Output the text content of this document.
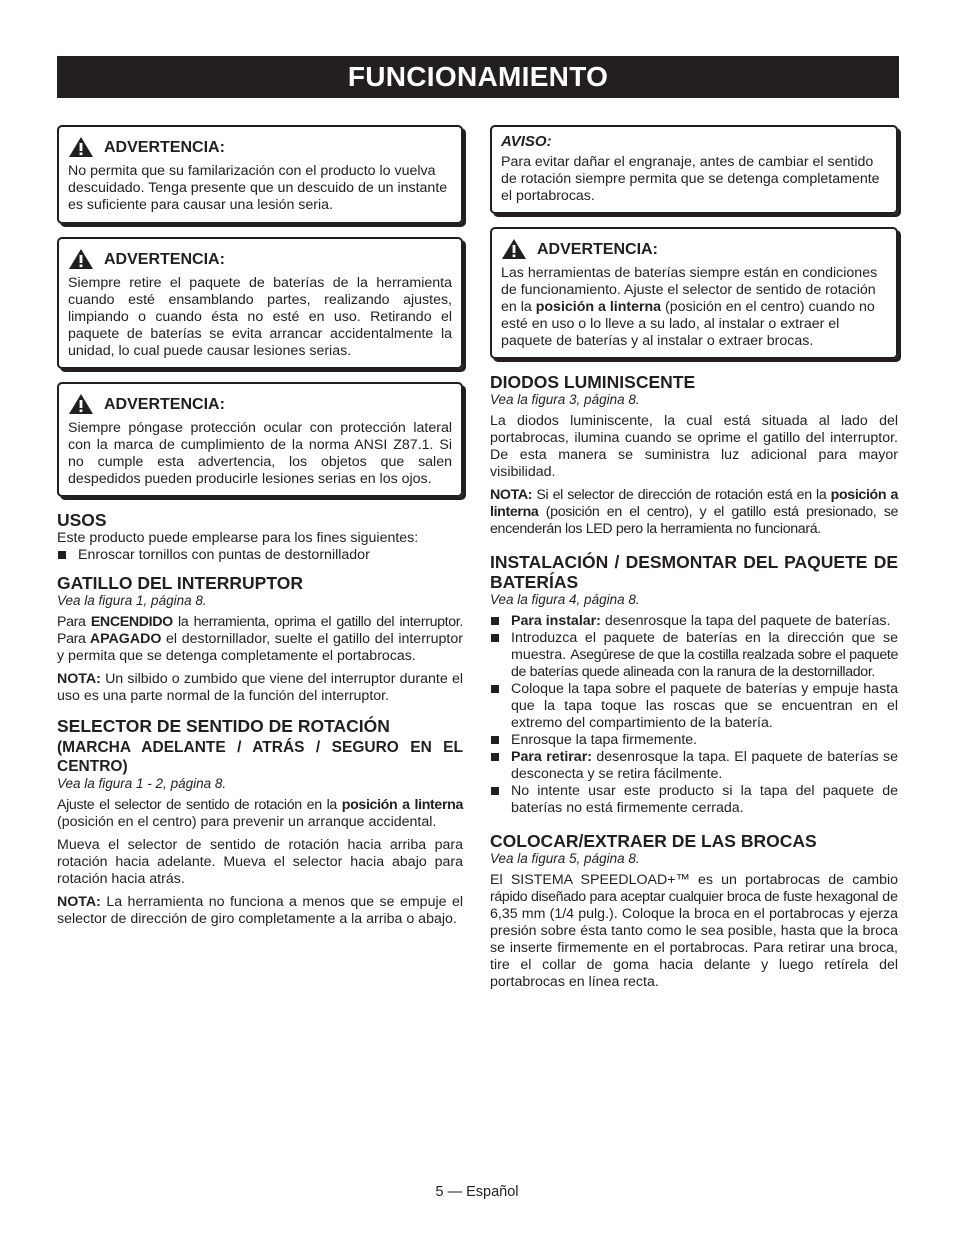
FUNCIONAMIENTO
ADVERTENCIA:
No permita que su familarización con el producto lo vuelva descuidado. Tenga presente que un descuido de un instante es suficiente para causar una lesión seria.
ADVERTENCIA:
Siempre retire el paquete de baterías de la herramienta cuando esté ensamblando partes, realizando ajustes, limpiando o cuando ésta no esté en uso. Retirando el paquete de baterías se evita arrancar accidentalmente la unidad, lo cual puede causar lesiones serias.
ADVERTENCIA:
Siempre póngase protección ocular con protección lateral con la marca de cumplimiento de la norma ANSI Z87.1. Si no cumple esta advertencia, los objetos que salen despedidos pueden producirle lesiones serias en los ojos.
USOS

Este producto puede emplearse para los fines siguientes:

Enroscar tornillos con puntas de destornillador
GATILLO DEL INTERRUPTOR
Vea la figura 1, página 8.

Para ENCENDIDO la herramienta, oprima el gatillo del interruptor. Para APAGADO el destornillador, suelte el gatillo del interruptor y permita que se detenga completamente el portabrocas.

NOTA: Un silbido o zumbido que viene del interruptor durante el uso es una parte normal de la función del interruptor.

SELECTOR DE SENTIDO DE ROTACIÓN
(MARCHA ADELANTE / ATRÁS / SEGURO EN EL CENTRO)
Vea la figura 1 - 2, página 8.

Ajuste el selector de sentido de rotación en la posición a linterna (posición en el centro) para prevenir un arranque accidental.

Mueva el selector de sentido de rotación hacia arriba para rotación hacia adelante. Mueva el selector hacia abajo para rotación hacia atrás.

NOTA: La herramienta no funciona a menos que se empuje el selector de dirección de giro completamente a la arriba o abajo.

AVISO:
Para evitar dañar el engranaje, antes de cambiar el sentido de rotación siempre permita que se detenga completamente el portabrocas.
ADVERTENCIA:
Las herramientas de baterías siempre están en condiciones de funcionamiento. Ajuste el selector de sentido de rotación en la posición a linterna (posición en el centro) cuando no esté en uso o lo lleve a su lado, al instalar o extraer el paquete de baterías y al instalar o extraer brocas.
DIODOS LUMINISCENTE
Vea la figura 3, página 8.

La diodos luminiscente, la cual está situada al lado del portabrocas, ilumina cuando se oprime el gatillo del interruptor. De esta manera se suministra luz adicional para mayor visibilidad.

NOTA: Si el selector de dirección de rotación está en la posición a linterna (posición en el centro), y el gatillo está presionado, se encenderán los LED pero la herramienta no funcionará.

INSTALACIÓN / DESMONTAR DEL PAQUETE DE BATERÍAS
Vea la figura 4, página 8.
Para instalar: desenrosque la tapa del paquete de baterías.
Introduzca el paquete de baterías en la dirección que se muestra. Asegúrese de que la costilla realzada sobre el paquete de baterías quede alineada con la ranura de la destornillador.
Coloque la tapa sobre el paquete de baterías y empuje hasta que la tapa toque las roscas que se encuentran en el extremo del compartimiento de la batería.
Enrosque la tapa firmemente.
Para retirar: desenrosque la tapa. El paquete de baterías se desconecta y se retira fácilmente.
No intente usar este producto si la tapa del paquete de baterías no está firmemente cerrada.
COLOCAR/EXTRAER DE LAS BROCAS
Vea la figura 5, página 8.

El SISTEMA SPEEDLOAD+™ es un portabrocas de cambio rápido diseñado para aceptar cualquier broca de fuste hexagonal de 6,35 mm (1/4 pulg.). Coloque la broca en el portabrocas y ejerza presión sobre ésta tanto como le sea posible, hasta que la broca se inserte firmemente en el portabrocas. Para retirar una broca, tire el collar de goma hacia delante y luego retírela del portabrocas en línea recta.

5 — Español
